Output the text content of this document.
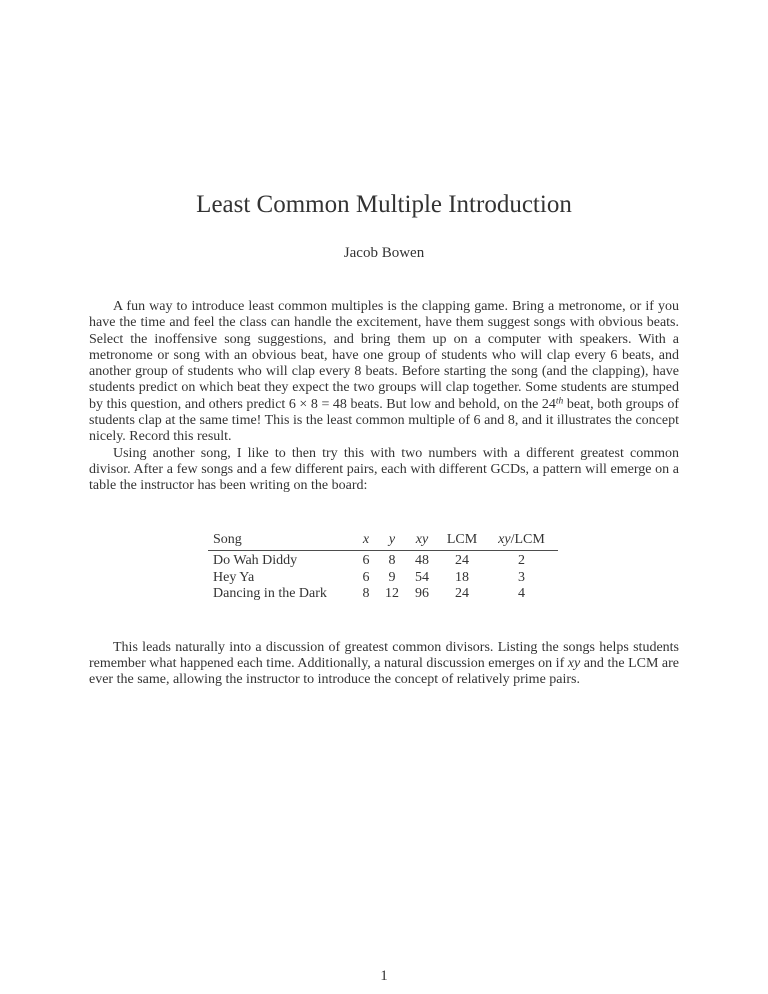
Least Common Multiple Introduction
Jacob Bowen

A fun way to introduce least common multiples is the clapping game. Bring a metronome, or if you have the time and feel the class can handle the excitement, have them suggest songs with obvious beats. Select the inoffensive song suggestions, and bring them up on a computer with speakers. With a metronome or song with an obvious beat, have one group of students who will clap every 6 beats, and another group of students who will clap every 8 beats. Before starting the song (and the clapping), have students predict on which beat they expect the two groups will clap together. Some students are stumped by this question, and others predict 6 × 8 = 48 beats. But low and behold, on the 24th beat, both groups of students clap at the same time! This is the least common multiple of 6 and 8, and it illustrates the concept nicely. Record this result.

Using another song, I like to then try this with two numbers with a different greatest common divisor. After a few songs and a few different pairs, each with different GCDs, a pattern will emerge on a table the instructor has been writing on the board:

Song	x	y	xy	LCM	xy/LCM
Do Wah Diddy	6	8	48	24	2
Hey Ya	6	9	54	18	3
Dancing in the Dark	8	12	96	24	4

This leads naturally into a discussion of greatest common divisors. Listing the songs helps students remember what happened each time. Additionally, a natural discussion emerges on if xy and the LCM are ever the same, allowing the instructor to introduce the concept of relatively prime pairs.

1
